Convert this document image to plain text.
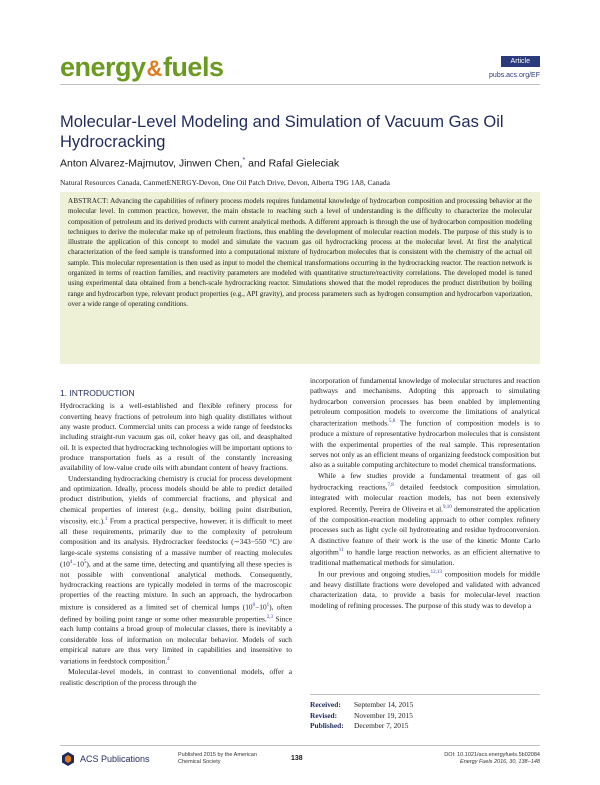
energy&fuels	Article
pubs.acs.org/EF
Molecular-Level Modeling and Simulation of Vacuum Gas Oil Hydrocracking
Anton Alvarez-Majmutov, Jinwen Chen,* and Rafal Gieleciak
Natural Resources Canada, CanmetENERGY-Devon, One Oil Patch Drive, Devon, Alberta T9G 1A8, Canada
ABSTRACT: Advancing the capabilities of refinery process models requires fundamental knowledge of hydrocarbon composition and processing behavior at the molecular level. In common practice, however, the main obstacle to reaching such a level of understanding is the difficulty to characterize the molecular composition of petroleum and its derived products with current analytical methods. A different approach is through the use of hydrocarbon composition modeling techniques to derive the molecular make up of petroleum fractions, thus enabling the development of molecular reaction models. The purpose of this study is to illustrate the application of this concept to model and simulate the vacuum gas oil hydrocracking process at the molecular level. At first the analytical characterization of the feed sample is transformed into a computational mixture of hydrocarbon molecules that is consistent with the chemistry of the actual oil sample. This molecular representation is then used as input to model the chemical transformations occurring in the hydrocracking reactor. The reaction network is organized in terms of reaction families, and reactivity parameters are modeled with quantitative structure/reactivity correlations. The developed model is tuned using experimental data obtained from a bench-scale hydrocracking reactor. Simulations showed that the model reproduces the product distribution by boiling range and hydrocarbon type, relevant product properties (e.g., API gravity), and process parameters such as hydrogen consumption and hydrocarbon vaporization, over a wide range of operating conditions.
1. INTRODUCTION

Hydrocracking is a well-established and flexible refinery process for converting heavy fractions of petroleum into high quality distillates without any waste product. Commercial units can process a wide range of feedstocks including straight-run vacuum gas oil, coker heavy gas oil, and deasphalted oil. It is expected that hydrocracking technologies will be important options to produce transportation fuels as a result of the constantly increasing availability of low-value crude oils with abundant content of heavy fractions.

Understanding hydrocracking chemistry is crucial for process development and optimization. Ideally, process models should be able to predict detailed product distribution, yields of commercial fractions, and physical and chemical properties of interest (e.g., density, boiling point distribution, viscosity, etc.).$^1$ From a practical perspective, however, it is difficult to meet all these requirements, primarily due to the complexity of petroleum composition and its analysis. Hydrocracker feedstocks (∼343−550 °C) are large-scale systems consisting of a massive number of reacting molecules $(10^4-10^5)$, and at the same time, detecting and quantifying all these species is not possible with conventional analytical methods. Consequently, hydrocracking reactions are typically modeled in terms of the macroscopic properties of the reacting mixture. In such an approach, the hydrocarbon mixture is considered as a limited set of chemical lumps $(10^0-10^1)$, often defined by boiling point range or some other measurable properties.$^{2,3}$ Since each lump contains a broad group of molecular classes, there is inevitably a considerable loss of information on molecular behavior. Models of such empirical nature are thus very limited in capabilities and insensitive to variations in feedstock composition.$^4$

Molecular-level models, in contrast to conventional models, offer a realistic description of the process through the

incorporation of fundamental knowledge of molecular structures and reaction pathways and mechanisms. Adopting this approach to simulating hydrocarbon conversion processes has been enabled by implementing petroleum composition models to overcome the limitations of analytical characterization methods.$^{5,6}$ The function of composition models is to produce a mixture of representative hydrocarbon molecules that is consistent with the experimental properties of the real sample. This representation serves not only as an efficient means of organizing feedstock composition but also as a suitable computing architecture to model chemical transformations.

While a few studies provide a fundamental treatment of gas oil hydrocracking reactions,$^{7,8}$ detailed feedstock composition simulation, integrated with molecular reaction models, has not been extensively explored. Recently, Pereira de Oliveira et al.$^{9,10}$ demonstrated the application of the composition-reaction modeling approach to other complex refinery processes such as light cycle oil hydrotreating and residue hydroconversion. A distinctive feature of their work is the use of the kinetic Monte Carlo algorithm$^{11}$ to handle large reaction networks, as an efficient alternative to traditional mathematical methods for simulation.

In our previous and ongoing studies,$^{12,13}$ composition models for middle and heavy distillate fractions were developed and validated with advanced characterization data, to provide a basis for molecular-level reaction modeling of refining processes. The purpose of this study was to develop a

Received: September 14, 2015
Revised: November 19, 2015
Published: December 7, 2015
ACS Publications	Published 2015 by the American Chemical Society	138	DOI: 10.1021/acs.energyfuels.5b02084
Energy Fuels 2016, 30, 138−148
